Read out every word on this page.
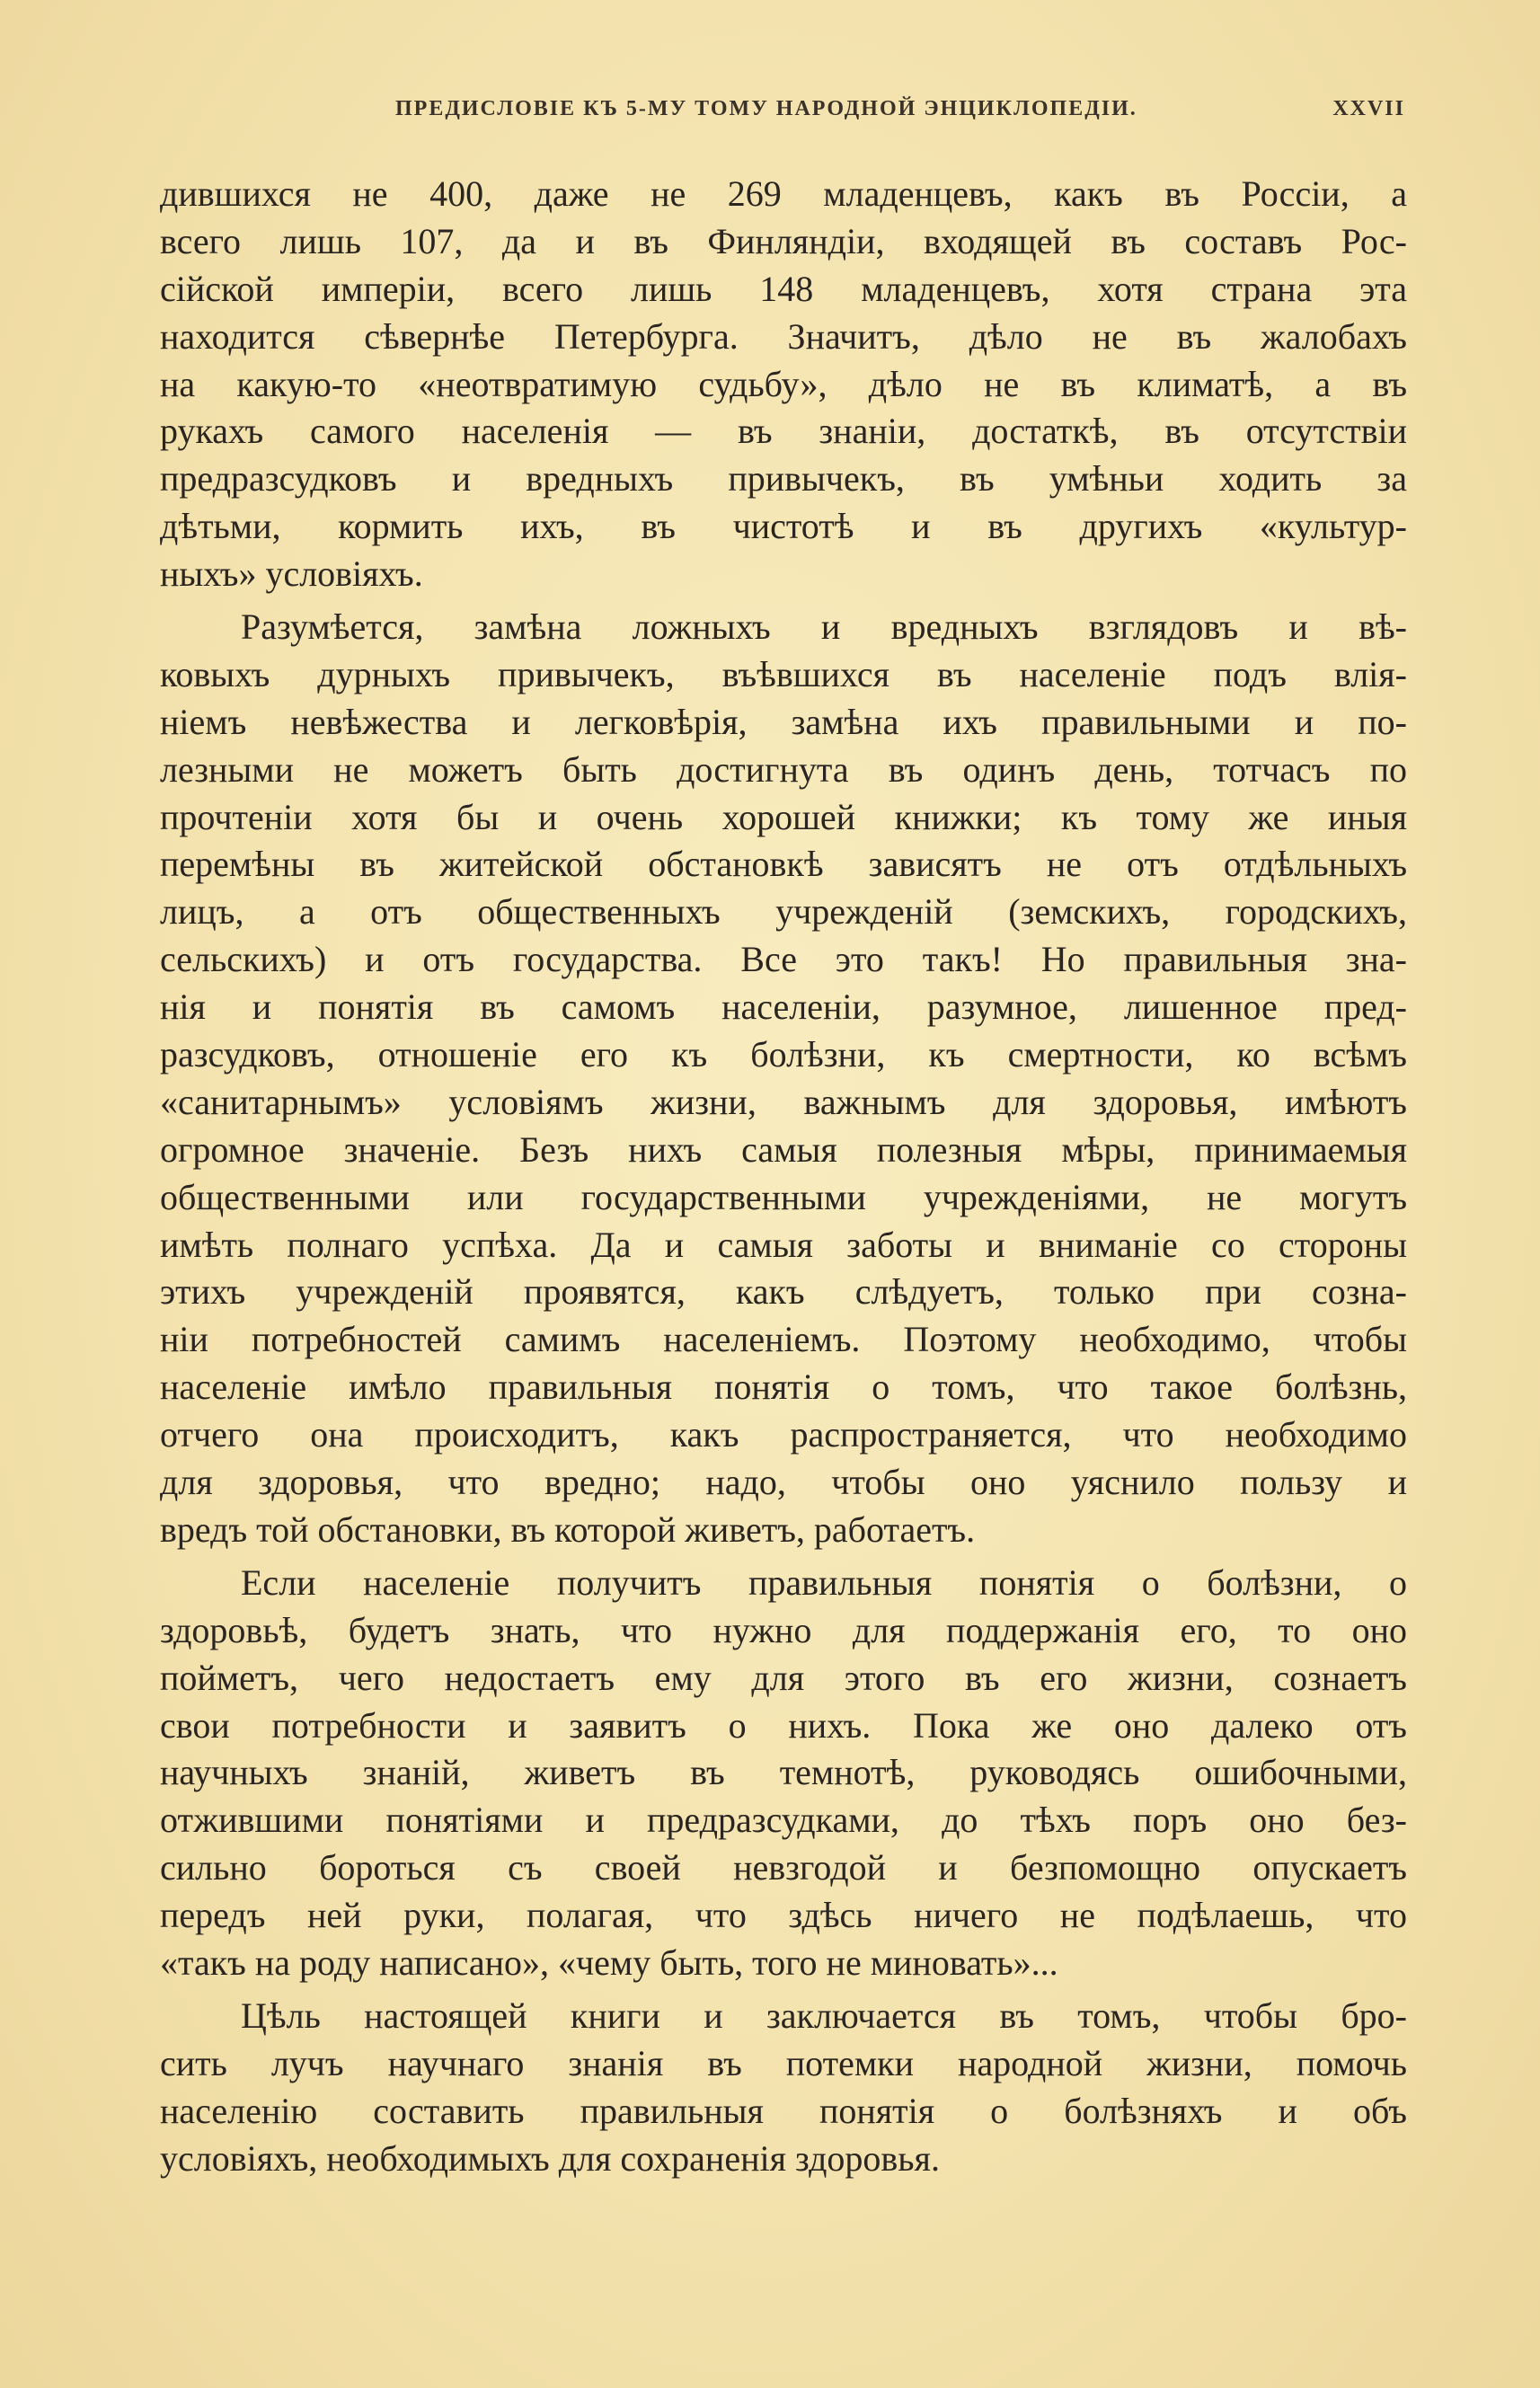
ПРЕДИСЛОВІЕ КЪ 5-МУ ТОМУ НАРОДНОЙ ЭНЦИКЛОПЕДІИ.	XXVII
дившихся не 400, даже не 269 младенцевъ, какъ въ Россіи, а
всего лишь 107, да и въ Финляндіи, входящей въ составъ Рос-
сійской имперіи, всего лишь 148 младенцевъ, хотя страна эта
находится сѣвернѣе Петербурга. Значитъ, дѣло не въ жалобахъ
на какую-то «неотвратимую судьбу», дѣло не въ климатѣ, а въ
рукахъ самого населенія — въ знаніи, достаткѣ, въ отсутствіи
предразсудковъ и вредныхъ привычекъ, въ умѣньи ходить за
дѣтьми, кормить ихъ, въ чистотѣ и въ другихъ «культур-
ныхъ» условіяхъ.
Разумѣется, замѣна ложныхъ и вредныхъ взглядовъ и вѣ-
ковыхъ дурныхъ привычекъ, въѣвшихся въ населеніе подъ влія-
ніемъ невѣжества и легковѣрія, замѣна ихъ правильными и по-
лезными не можетъ быть достигнута въ одинъ день, тотчасъ по
прочтеніи хотя бы и очень хорошей книжки; къ тому же иныя
перемѣны въ житейской обстановкѣ зависятъ не отъ отдѣльныхъ
лицъ, а отъ общественныхъ учрежденій (земскихъ, городскихъ,
сельскихъ) и отъ государства. Все это такъ! Но правильныя зна-
нія и понятія въ самомъ населеніи, разумное, лишенное пред-
разсудковъ, отношеніе его къ болѣзни, къ смертности, ко всѣмъ
«санитарнымъ» условіямъ жизни, важнымъ для здоровья, имѣютъ
огромное значеніе. Безъ нихъ самыя полезныя мѣры, принимаемыя
общественными или государственными учрежденіями, не могутъ
имѣть полнаго успѣха. Да и самыя заботы и вниманіе со стороны
этихъ учрежденій проявятся, какъ слѣдуетъ, только при созна-
ніи потребностей самимъ населеніемъ. Поэтому необходимо, чтобы
населеніе имѣло правильныя понятія о томъ, что такое болѣзнь,
отчего она происходитъ, какъ распространяется, что необходимо
для здоровья, что вредно; надо, чтобы оно уяснило пользу и
вредъ той обстановки, въ которой живетъ, работаетъ.
Если населеніе получитъ правильныя понятія о болѣзни, о
здоровьѣ, будетъ знать, что нужно для поддержанія его, то оно
пойметъ, чего недостаетъ ему для этого въ его жизни, сознаетъ
свои потребности и заявитъ о нихъ. Пока же оно далеко отъ
научныхъ знаній, живетъ въ темнотѣ, руководясь ошибочными,
отжившими понятіями и предразсудками, до тѣхъ поръ оно без-
сильно бороться съ своей невзгодой и безпомощно опускаетъ
передъ ней руки, полагая, что здѣсь ничего не подѣлаешь, что
«такъ на роду написано», «чему быть, того не миновать»...
Цѣль настоящей книги и заключается въ томъ, чтобы бро-
сить лучъ научнаго знанія въ потемки народной жизни, помочь
населенію составить правильныя понятія о болѣзняхъ и объ
условіяхъ, необходимыхъ для сохраненія здоровья.
